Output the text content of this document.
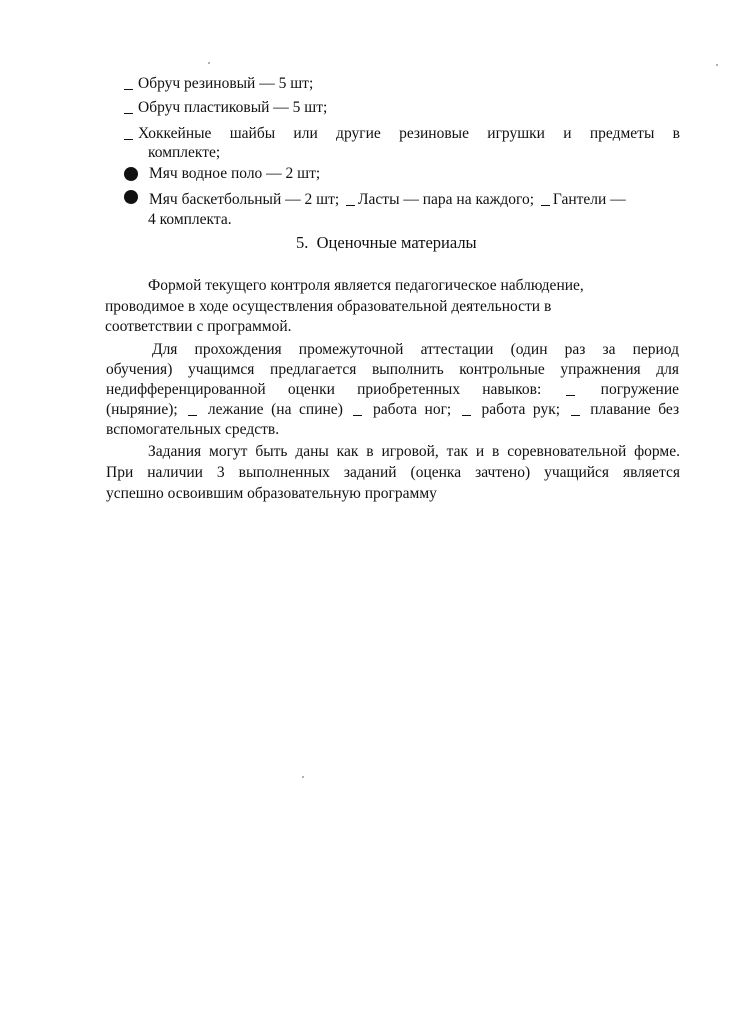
Обруч резиновый — 5 шт;
Обруч пластиковый — 5 шт;
Хоккейные шайбы или другие резиновые игрушки и предметы в
комплекте;
Мяч водное поло — 2 шт;
Мяч баскетбольный — 2 шт; Ласты — пара на каждого; Гантели —
4 комплекта.
5. Оценочные материалы
Формой текущего контроля является педагогическое наблюдение,
проводимое в ходе осуществления образовательной деятельности в
соответствии с программой.
Для прохождения промежуточной аттестации (один раз за период
обучения) учащимся предлагается выполнить контрольные упражнения для
недифференцированной оценки приобретенных навыков:	погружение
(ныряние); лежание (на спине) работа ног; работа рук; плавание без
вспомогательных средств.
Задания могут быть даны как в игровой, так и в соревновательной форме.
При наличии 3 выполненных заданий (оценка зачтено) учащийся является
успешно освоившим образовательную программу
